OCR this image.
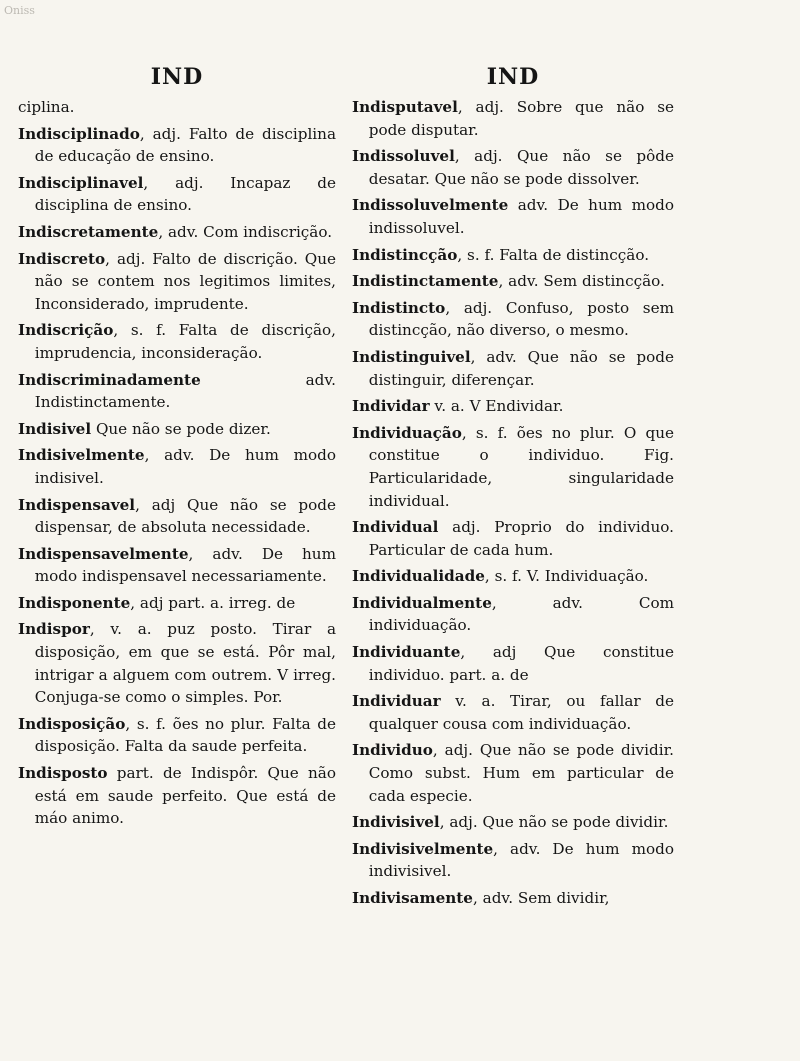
Oniss
IND
ciplina.
Indisciplinado, adj. Falto de disciplina de educação de ensino.
Indisciplinavel, adj. Incapaz de disciplina de ensino.
Indiscretamente, adv. Com indiscrição.
Indiscreto, adj. Falto de discrição. Que não se contem nos legitimos limites, Inconsiderado, imprudente.
Indiscrição, s. f. Falta de discrição, imprudencia, inconsideração.
Indiscriminadamente adv. Indistinctamente.
Indisivel Que não se pode dizer.
Indisivelmente, adv. De hum modo indisivel.
Indispensavel, adj Que não se pode dispensar, de absoluta necessidade.
Indispensavelmente, adv. De hum modo indispensavel necessariamente.
Indisponente, adj part. a. irreg. de
Indispor, v. a. puz posto. Tirar a disposição, em que se está. Pôr mal, intrigar a alguem com outrem. V irreg. Conjuga-se como o simples. Por.
Indisposição, s. f. ões no plur. Falta de disposição. Falta da saude perfeita.
Indisposto part. de Indispôr. Que não está em saude perfeito. Que está de máo animo.
IND
Indisputavel, adj. Sobre que não se pode disputar.
Indissoluvel, adj. Que não se pôde desatar. Que não se pode dissolver.
Indissoluvelmente adv. De hum modo indissoluvel.
Indistincção, s. f. Falta de distincção.
Indistinctamente, adv. Sem distincção.
Indistincto, adj. Confuso, posto sem distincção, não diverso, o mesmo.
Indistinguivel, adv. Que não se pode distinguir, diferençar.
Individar v. a. V Endividar.
Individuação, s. f. ões no plur. O que constitue o individuo. Fig. Particularidade, singularidade individual.
Individual adj. Proprio do individuo. Particular de cada hum.
Individualidade, s. f. V. Individuação.
Individualmente, adv. Com individuação.
Individuante, adj Que constitue individuo. part. a. de
Individuar v. a. Tirar, ou fallar de qualquer cousa com individuação.
Individuo, adj. Que não se pode dividir. Como subst. Hum em particular de cada especie.
Indivisivel, adj. Que não se pode dividir.
Indivisivelmente, adv. De hum modo indivisivel.
Indivisamente, adv. Sem dividir,
